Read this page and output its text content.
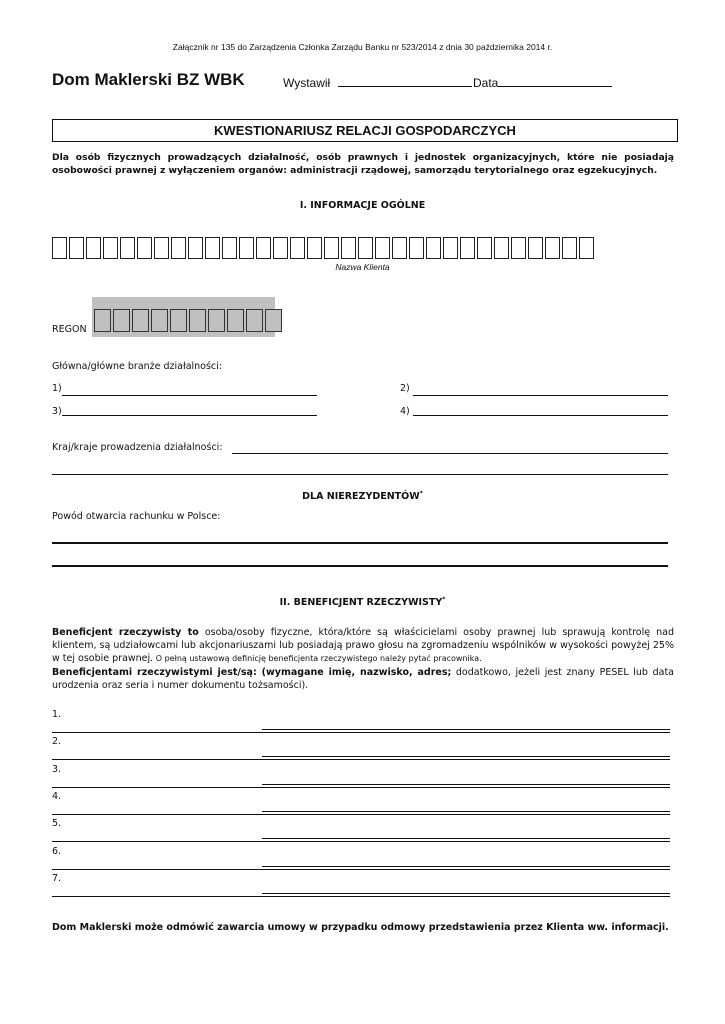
Załącznik nr 135 do Zarządzenia Członka Zarządu Banku nr 523/2014 z dnia 30 października 2014 r.
Dom Maklerski BZ WBK	Wystawił	Data
KWESTIONARIUSZ RELACJI GOSPODARCZYCH
Dla osób fizycznych prowadzących działalność, osób prawnych i jednostek organizacyjnych, które nie posiadają osobowości prawnej z wyłączeniem organów: administracji rządowej, samorządu terytorialnego oraz egzekucyjnych.
I. INFORMACJE OGÓLNE
Nazwa Klienta
REGON
Główna/główne branże działalności:
1)	2)
3)	4)
Kraj/kraje prowadzenia działalności:
DLA NIEREZYDENTÓW*
Powód otwarcia rachunku w Polsce:
II. BENEFICJENT RZECZYWISTY*
Beneficjent rzeczywisty to osoba/osoby fizyczne, która/które są właścicielami osoby prawnej lub sprawują kontrolę nad klientem, są udziałowcami lub akcjonariuszami lub posiadają prawo głosu na zgromadzeniu wspólników w wysokości powyżej 25% w tej osobie prawnej. O pełną ustawową definicję beneficjenta rzeczywistego należy pytać pracownika.
Beneficjentami rzeczywistymi jest/są: (wymagane imię, nazwisko, adres; dodatkowo, jeżeli jest znany PESEL lub data urodzenia oraz seria i numer dokumentu tożsamości).
1.
2.
3.
4.
5.
6.
7.
Dom Maklerski może odmówić zawarcia umowy w przypadku odmowy przedstawienia przez Klienta ww. informacji.
